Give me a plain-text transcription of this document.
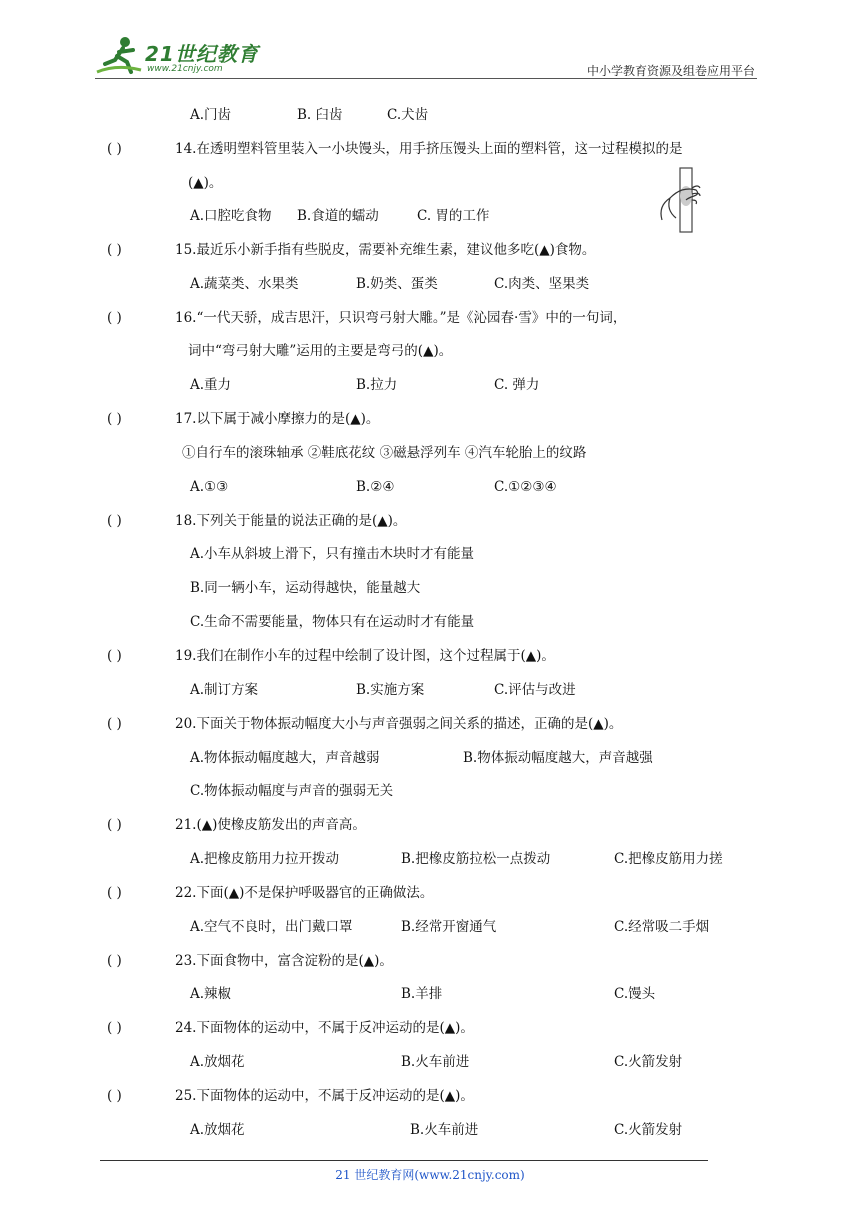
21世纪教育
www.21cnjy.com	中小学教育资源及组卷应用平台
A.门齿	B. 臼齿	C.犬齿
( )	14.在透明塑料管里装入一小块馒头，用手挤压馒头上面的塑料管，这一过程模拟的是
(▲)。
A.口腔吃食物 B.食道的蠕动	C. 胃的工作
( )	15.最近乐小新手指有些脱皮，需要补充维生素，建议他多吃(▲)食物。
A.蔬菜类、水果类	B.奶类、蛋类	C.肉类、坚果类
( )	16.“一代天骄，成吉思汗，只识弯弓射大雕。”是《沁园春·雪》中的一句词，
词中“弯弓射大雕”运用的主要是弯弓的(▲)。
A.重力	B.拉力	C. 弹力
( )	17.以下属于减小摩擦力的是(▲)。
①自行车的滚珠轴承 ②鞋底花纹 ③磁悬浮列车 ④汽车轮胎上的纹路
A.①③	B.②④	C.①②③④
( )	18.下列关于能量的说法正确的是(▲)。
A.小车从斜坡上滑下，只有撞击木块时才有能量
B.同一辆小车，运动得越快，能量越大
C.生命不需要能量，物体只有在运动时才有能量
( )	19.我们在制作小车的过程中绘制了设计图，这个过程属于(▲)。
A.制订方案	B.实施方案	C.评估与改进
( )	20.下面关于物体振动幅度大小与声音强弱之间关系的描述，正确的是(▲)。
A.物体振动幅度越大，声音越弱	B.物体振动幅度越大，声音越强
C.物体振动幅度与声音的强弱无关
( )	21.(▲)使橡皮筋发出的声音高。
A.把橡皮筋用力拉开拨动	B.把橡皮筋拉松一点拨动	C.把橡皮筋用力搓
( )	22.下面(▲)不是保护呼吸器官的正确做法。
A.空气不良时，出门戴口罩	B.经常开窗通气	C.经常吸二手烟
( )	23.下面食物中，富含淀粉的是(▲)。
A.辣椒	B.羊排	C.馒头
( )	24.下面物体的运动中，不属于反冲运动的是(▲)。
A.放烟花	B.火车前进	C.火箭发射
( )	25.下面物体的运动中，不属于反冲运动的是(▲)。
A.放烟花	B.火车前进	C.火箭发射
21 世纪教育网(www.21cnjy.com)
